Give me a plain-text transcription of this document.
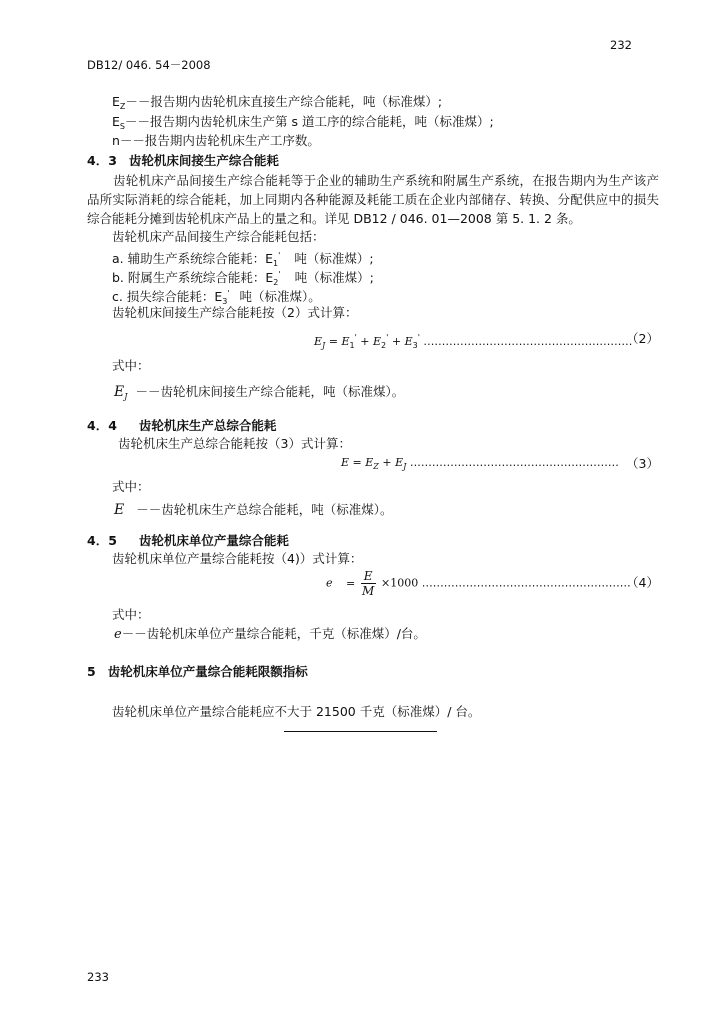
232
DB12/ 046. 54－2008
$E_Z--$报告期内齿轮机床直接生产综合能耗，吨（标准煤）;
$E_S--$报告期内齿轮机床生产第 s 道工序的综合能耗，吨（标准煤）;
n－－报告期内齿轮机床生产工序数。
4．3 齿轮机床间接生产综合能耗
齿轮机床产品间接生产综合能耗等于企业的辅助生产系统和附属生产系统，在报告期内为生产该产品所实际消耗的综合能耗，加上同期内各种能源及耗能工质在企业内部储存、转换、分配供应中的损失综合能耗分摊到齿轮机床产品上的量之和。详见 DB12 / 046. 01—2008 第 5. 1. 2 条。
齿轮机床产品间接生产综合能耗包括：
a. 辅助生产系统综合能耗：$E_1'$ 吨（标准煤）;
b. 附属生产系统综合能耗：$E_2'$ 吨（标准煤）;
c. 损失综合能耗：$E_3'$ 吨（标准煤）。
齿轮机床间接生产综合能耗按（2）式计算：
$E_J = E_1' + E_2' + E_3'$ …………………………………………………
（2）
式中：
$E_J$ －－齿轮机床间接生产综合能耗，吨（标准煤）。
4．4 齿轮机床生产总综合能耗
齿轮机床生产总综合能耗按（3）式计算：
$E = E_Z + E_J$ ………………………………………………… （3）
式中：
E －－齿轮机床生产总综合能耗，吨（标准煤）。
4．5 齿轮机床单位产量综合能耗
齿轮机床单位产量综合能耗按（4)）式计算：
$e = \frac{E}{M} \times 1000$ …………………………………………………
（4）
式中：
e－－齿轮机床单位产量综合能耗，千克（标准煤）/台。
5 齿轮机床单位产量综合能耗限额指标
齿轮机床单位产量综合能耗应不大于 21500 千克（标准煤）/ 台。
233
